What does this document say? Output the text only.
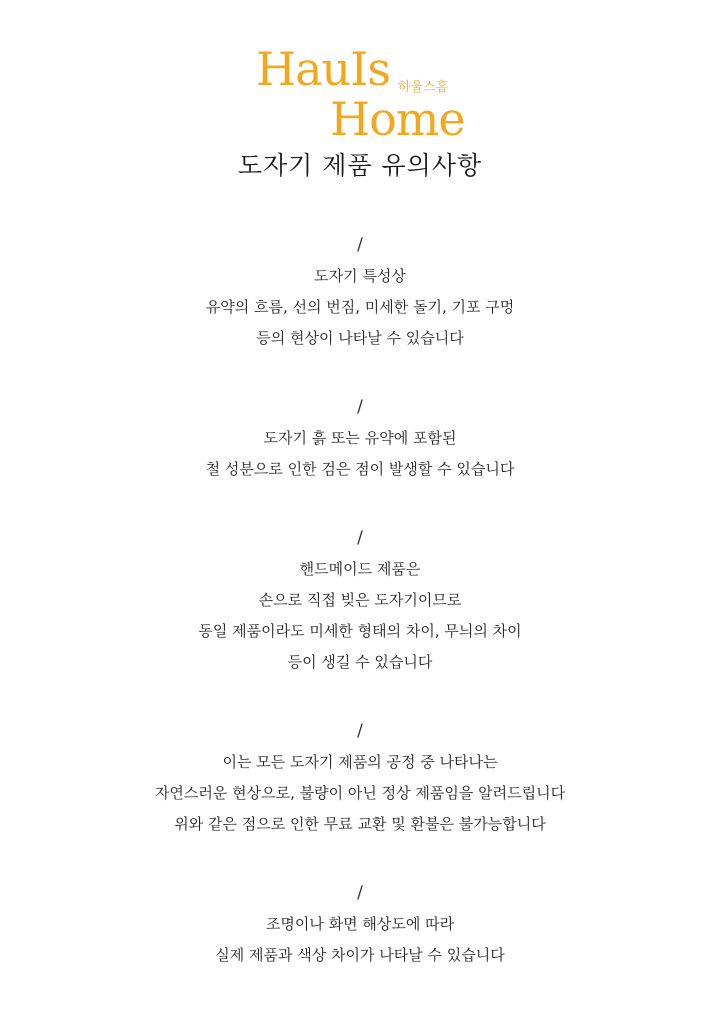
HauIs 하울스홈
Home
도자기 제품 유의사항
/
도자기 특성상
유약의 흐름, 선의 번짐, 미세한 돌기, 기포 구멍
등의 현상이 나타날 수 있습니다
/
도자기 흙 또는 유약에 포함된
철 성분으로 인한 검은 점이 발생할 수 있습니다
/
핸드메이드 제품은
손으로 직접 빚은 도자기이므로
동일 제품이라도 미세한 형태의 차이, 무늬의 차이
등이 생길 수 있습니다
/
이는 모든 도자기 제품의 공정 중 나타나는
자연스러운 현상으로, 불량이 아닌 정상 제품임을 알려드립니다
위와 같은 점으로 인한 무료 교환 및 환불은 불가능합니다
/
조명이나 화면 해상도에 따라
실제 제품과 색상 차이가 나타날 수 있습니다
